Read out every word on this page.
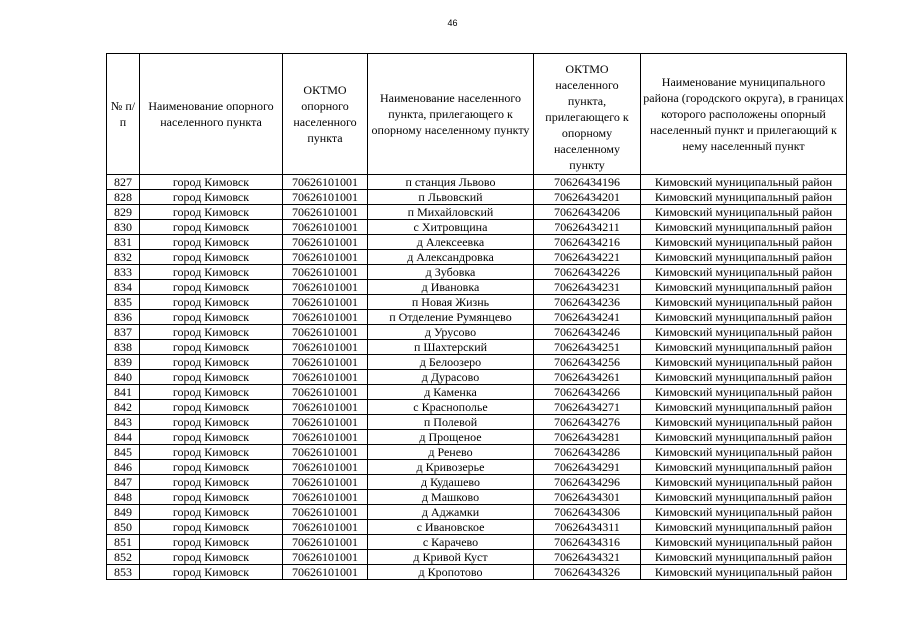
46
№ п/п	Наименование опорного населенного пункта	ОКТМО опорного населенного пункта	Наименование населенного пункта, прилегающего к опорному населенному пункту	ОКТМО населенного пункта, прилегающего к опорному населенному пункту	Наименование муниципального района (городского округа), в границах которого расположены опорный населенный пункт и прилегающий к нему населенный пункт

827	город Кимовск	70626101001	п станция Львово	70626434196	Кимовский муниципальный район
828	город Кимовск	70626101001	п Львовский	70626434201	Кимовский муниципальный район
829	город Кимовск	70626101001	п Михайловский	70626434206	Кимовский муниципальный район
830	город Кимовск	70626101001	с Хитровщина	70626434211	Кимовский муниципальный район
831	город Кимовск	70626101001	д Алексеевка	70626434216	Кимовский муниципальный район
832	город Кимовск	70626101001	д Александровка	70626434221	Кимовский муниципальный район
833	город Кимовск	70626101001	д Зубовка	70626434226	Кимовский муниципальный район
834	город Кимовск	70626101001	д Ивановка	70626434231	Кимовский муниципальный район
835	город Кимовск	70626101001	п Новая Жизнь	70626434236	Кимовский муниципальный район
836	город Кимовск	70626101001	п Отделение Румянцево	70626434241	Кимовский муниципальный район
837	город Кимовск	70626101001	д Урусово	70626434246	Кимовский муниципальный район
838	город Кимовск	70626101001	п Шахтерский	70626434251	Кимовский муниципальный район
839	город Кимовск	70626101001	д Белоозеро	70626434256	Кимовский муниципальный район
840	город Кимовск	70626101001	д Дурасово	70626434261	Кимовский муниципальный район
841	город Кимовск	70626101001	д Каменка	70626434266	Кимовский муниципальный район
842	город Кимовск	70626101001	с Краснополье	70626434271	Кимовский муниципальный район
843	город Кимовск	70626101001	п Полевой	70626434276	Кимовский муниципальный район
844	город Кимовск	70626101001	д Прощеное	70626434281	Кимовский муниципальный район
845	город Кимовск	70626101001	д Ренево	70626434286	Кимовский муниципальный район
846	город Кимовск	70626101001	д Кривозерье	70626434291	Кимовский муниципальный район
847	город Кимовск	70626101001	д Кудашево	70626434296	Кимовский муниципальный район
848	город Кимовск	70626101001	д Машково	70626434301	Кимовский муниципальный район
849	город Кимовск	70626101001	д Аджамки	70626434306	Кимовский муниципальный район
850	город Кимовск	70626101001	с Ивановское	70626434311	Кимовский муниципальный район
851	город Кимовск	70626101001	с Карачево	70626434316	Кимовский муниципальный район
852	город Кимовск	70626101001	д Кривой Куст	70626434321	Кимовский муниципальный район
853	город Кимовск	70626101001	д Кропотово	70626434326	Кимовский муниципальный район
